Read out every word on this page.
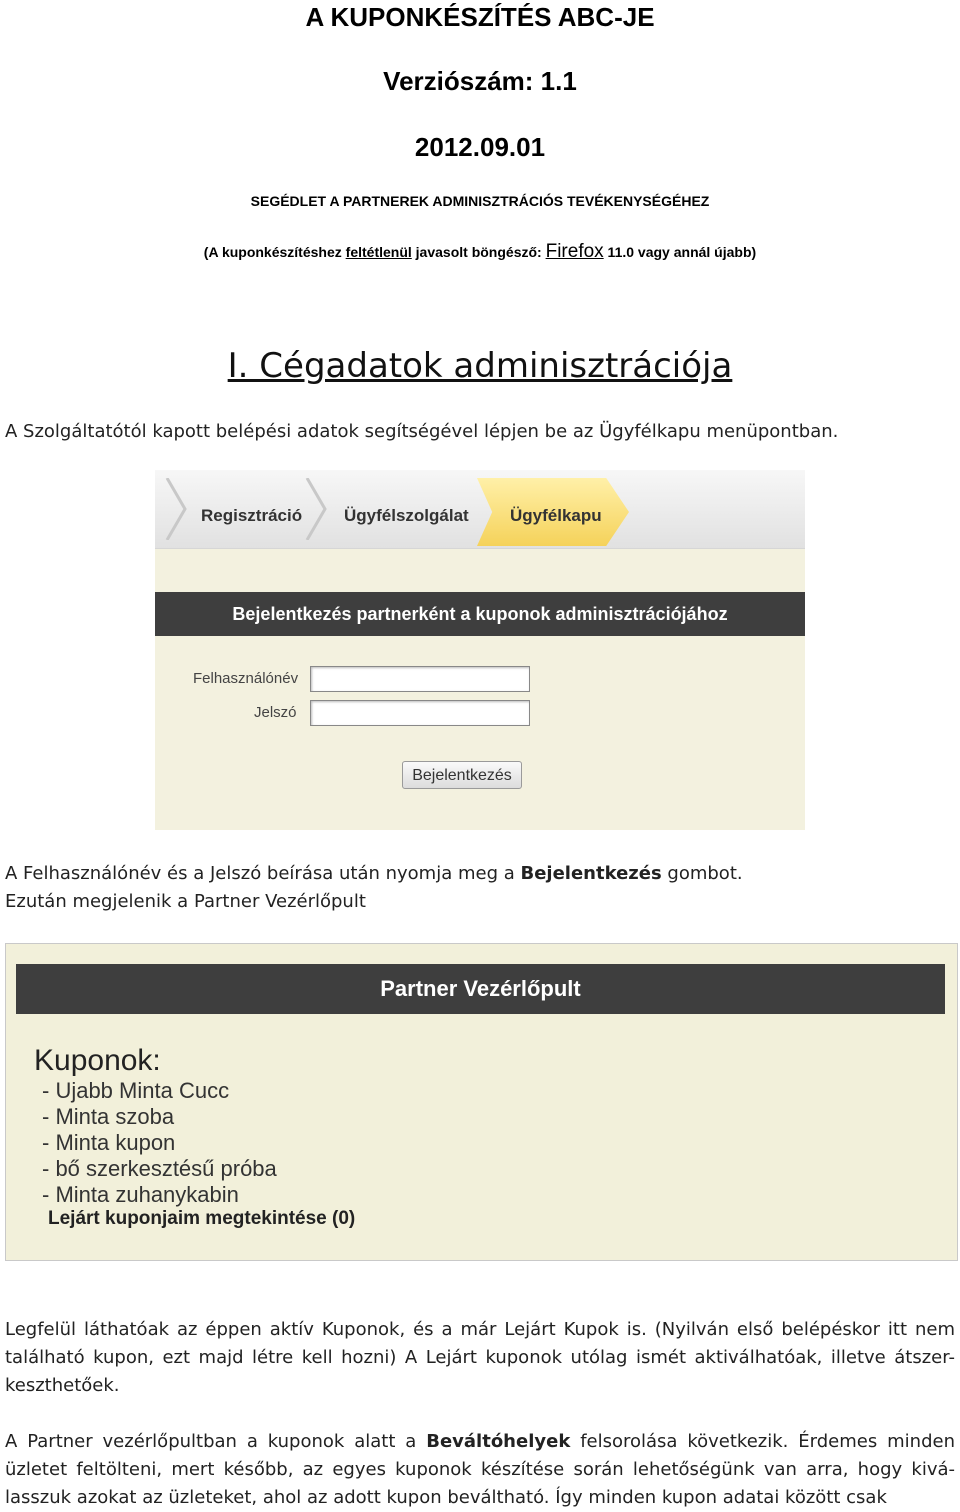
A KUPONKÉSZÍTÉS ABC-JE
Verziószám: 1.1
2012.09.01
SEGÉDLET A PARTNEREK ADMINISZTRÁCIÓS TEVÉKENYSÉGÉHEZ
(A kuponkészítéshez feltétlenül javasolt böngésző: Firefox 11.0 vagy annál újabb)
I. Cégadatok adminisztrációja
A Szolgáltatótól kapott belépési adatok segítségével lépjen be az Ügyfélkapu menüpontban.
Regisztráció Ügyfélszolgálat Ügyfélkapu
Bejelentkezés partnerként a kuponok adminisztrációjához
Felhasználónév
Jelszó
Bejelentkezés
A Felhasználónév és a Jelszó beírása után nyomja meg a Bejelentkezés gombot.
Ezután megjelenik a Partner Vezérlőpult
Partner Vezérlőpult
Kuponok:
- Ujabb Minta Cucc
- Minta szoba
- Minta kupon
- bő szerkesztésű próba
- Minta zuhanykabin
Lejárt kuponjaim megtekintése (0)
Legfelül láthatóak az éppen aktív Kuponok, és a már Lejárt Kupok is. (Nyilván első belépéskor itt nem található kupon, ezt majd létre kell hozni) A Lejárt kuponok utólag ismét aktiválhatóak, illetve átszer-keszthetőek.
A Partner vezérlőpultban a kuponok alatt a Beváltóhelyek felsorolása következik. Érdemes minden üzletet feltölteni, mert később, az egyes kuponok készítése során lehetőségünk van arra, hogy kivá-lasszuk azokat az üzleteket, ahol az adott kupon beváltható. Így minden kupon adatai között csak
